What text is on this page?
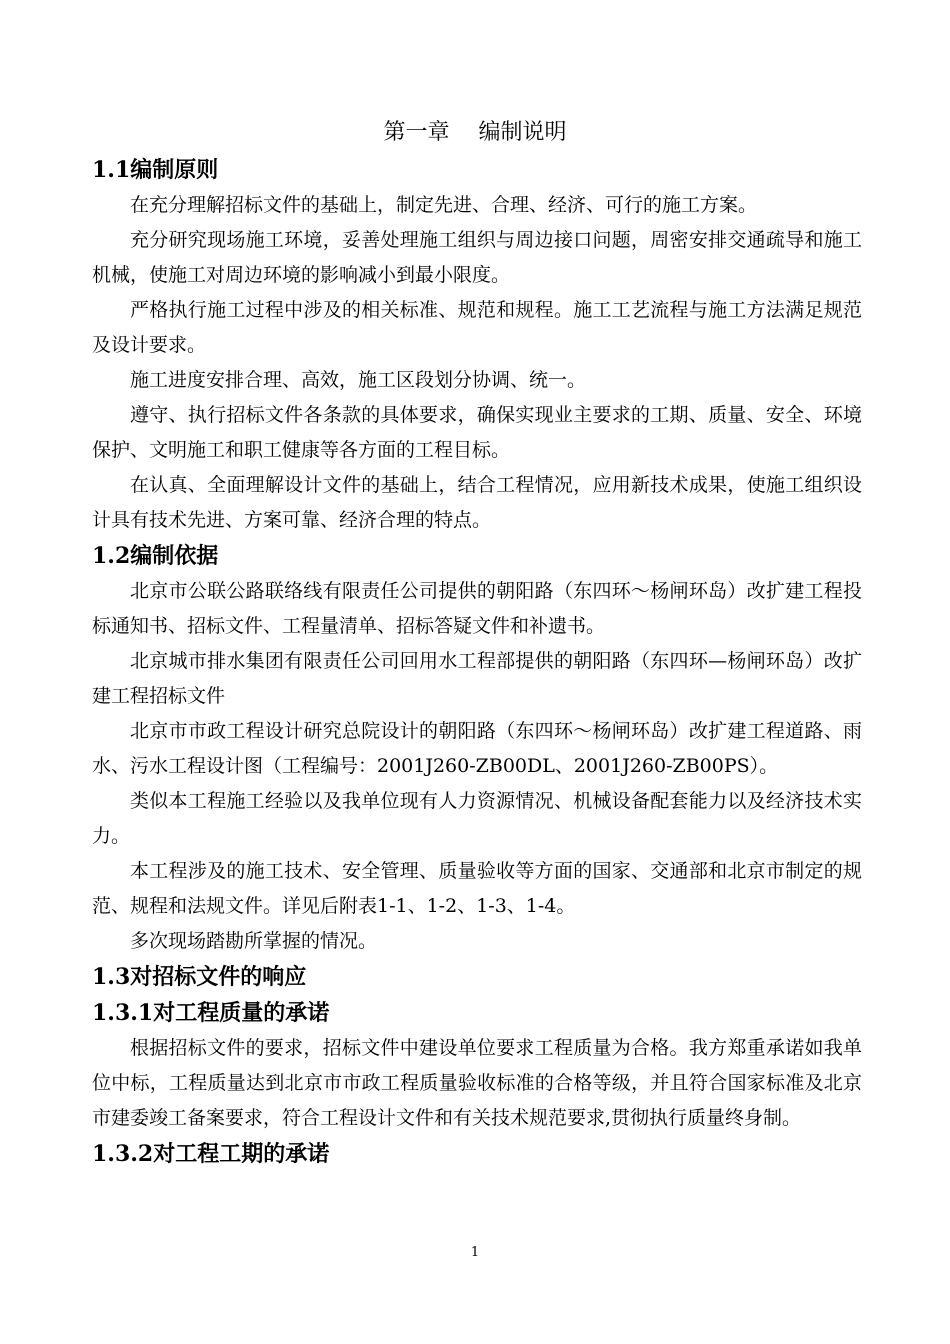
第一章　 编制说明
1.1编制原则

在充分理解招标文件的基础上，制定先进、合理、经济、可行的施工方案。

充分研究现场施工环境，妥善处理施工组织与周边接口问题，周密安排交通疏导和施工机械，使施工对周边环境的影响减小到最小限度。

严格执行施工过程中涉及的相关标准、规范和规程。施工工艺流程与施工方法满足规范及设计要求。

施工进度安排合理、高效，施工区段划分协调、统一。

遵守、执行招标文件各条款的具体要求，确保实现业主要求的工期、质量、安全、环境保护、文明施工和职工健康等各方面的工程目标。

在认真、全面理解设计文件的基础上，结合工程情况，应用新技术成果，使施工组织设计具有技术先进、方案可靠、经济合理的特点。

1.2编制依据

北京市公联公路联络线有限责任公司提供的朝阳路（东四环～杨闸环岛）改扩建工程投标通知书、招标文件、工程量清单、招标答疑文件和补遗书。

北京城市排水集团有限责任公司回用水工程部提供的朝阳路（东四环—杨闸环岛）改扩建工程招标文件

北京市市政工程设计研究总院设计的朝阳路（东四环～杨闸环岛）改扩建工程道路、雨水、污水工程设计图（工程编号：2001J260-ZB00DL、2001J260-ZB00PS）。

类似本工程施工经验以及我单位现有人力资源情况、机械设备配套能力以及经济技术实力。

本工程涉及的施工技术、安全管理、质量验收等方面的国家、交通部和北京市制定的规范、规程和法规文件。详见后附表1-1、1-2、1-3、1-4。

多次现场踏勘所掌握的情况。

1.3对招标文件的响应
1.3.1对工程质量的承诺

根据招标文件的要求，招标文件中建设单位要求工程质量为合格。我方郑重承诺如我单位中标，工程质量达到北京市市政工程质量验收标准的合格等级，并且符合国家标准及北京市建委竣工备案要求，符合工程设计文件和有关技术规范要求,贯彻执行质量终身制。

1.3.2对工程工期的承诺
1
